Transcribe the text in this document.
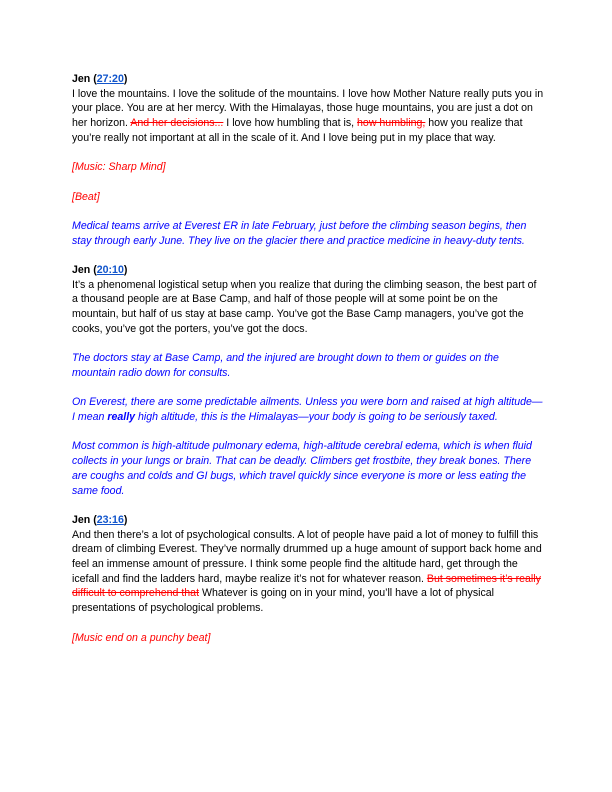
Jen (27:20)

I love the mountains. I love the solitude of the mountains. I love how Mother Nature really puts you in your place. You are at her mercy. With the Himalayas, those huge mountains, you are just a dot on her horizon. And her decisions... I love how humbling that is, how humbling, how you realize that you’re really not important at all in the scale of it. And I love being put in my place that way.

[Music: Sharp Mind]

[Beat]

Medical teams arrive at Everest ER in late February, just before the climbing season begins, then stay through early June. They live on the glacier there and practice medicine in heavy-duty tents.

Jen (20:10)

It’s a phenomenal logistical setup when you realize that during the climbing season, the best part of a thousand people are at Base Camp, and half of those people will at some point be on the mountain, but half of us stay at base camp. You’ve got the Base Camp managers, you’ve got the cooks, you’ve got the porters, you’ve got the docs.

The doctors stay at Base Camp, and the injured are brought down to them or guides on the mountain radio down for consults.

On Everest, there are some predictable ailments. Unless you were born and raised at high altitude—I mean really high altitude, this is the Himalayas—your body is going to be seriously taxed.

Most common is high-altitude pulmonary edema, high-altitude cerebral edema, which is when fluid collects in your lungs or brain. That can be deadly. Climbers get frostbite, they break bones. There are coughs and colds and GI bugs, which travel quickly since everyone is more or less eating the same food.

Jen (23:16)

And then there’s a lot of psychological consults. A lot of people have paid a lot of money to fulfill this dream of climbing Everest. They’ve normally drummed up a huge amount of support back home and feel an immense amount of pressure. I think some people find the altitude hard, get through the icefall and find the ladders hard, maybe realize it’s not for whatever reason. But sometimes it’s really difficult to comprehend that Whatever is going on in your mind, you’ll have a lot of physical presentations of psychological problems.

[Music end on a punchy beat]
